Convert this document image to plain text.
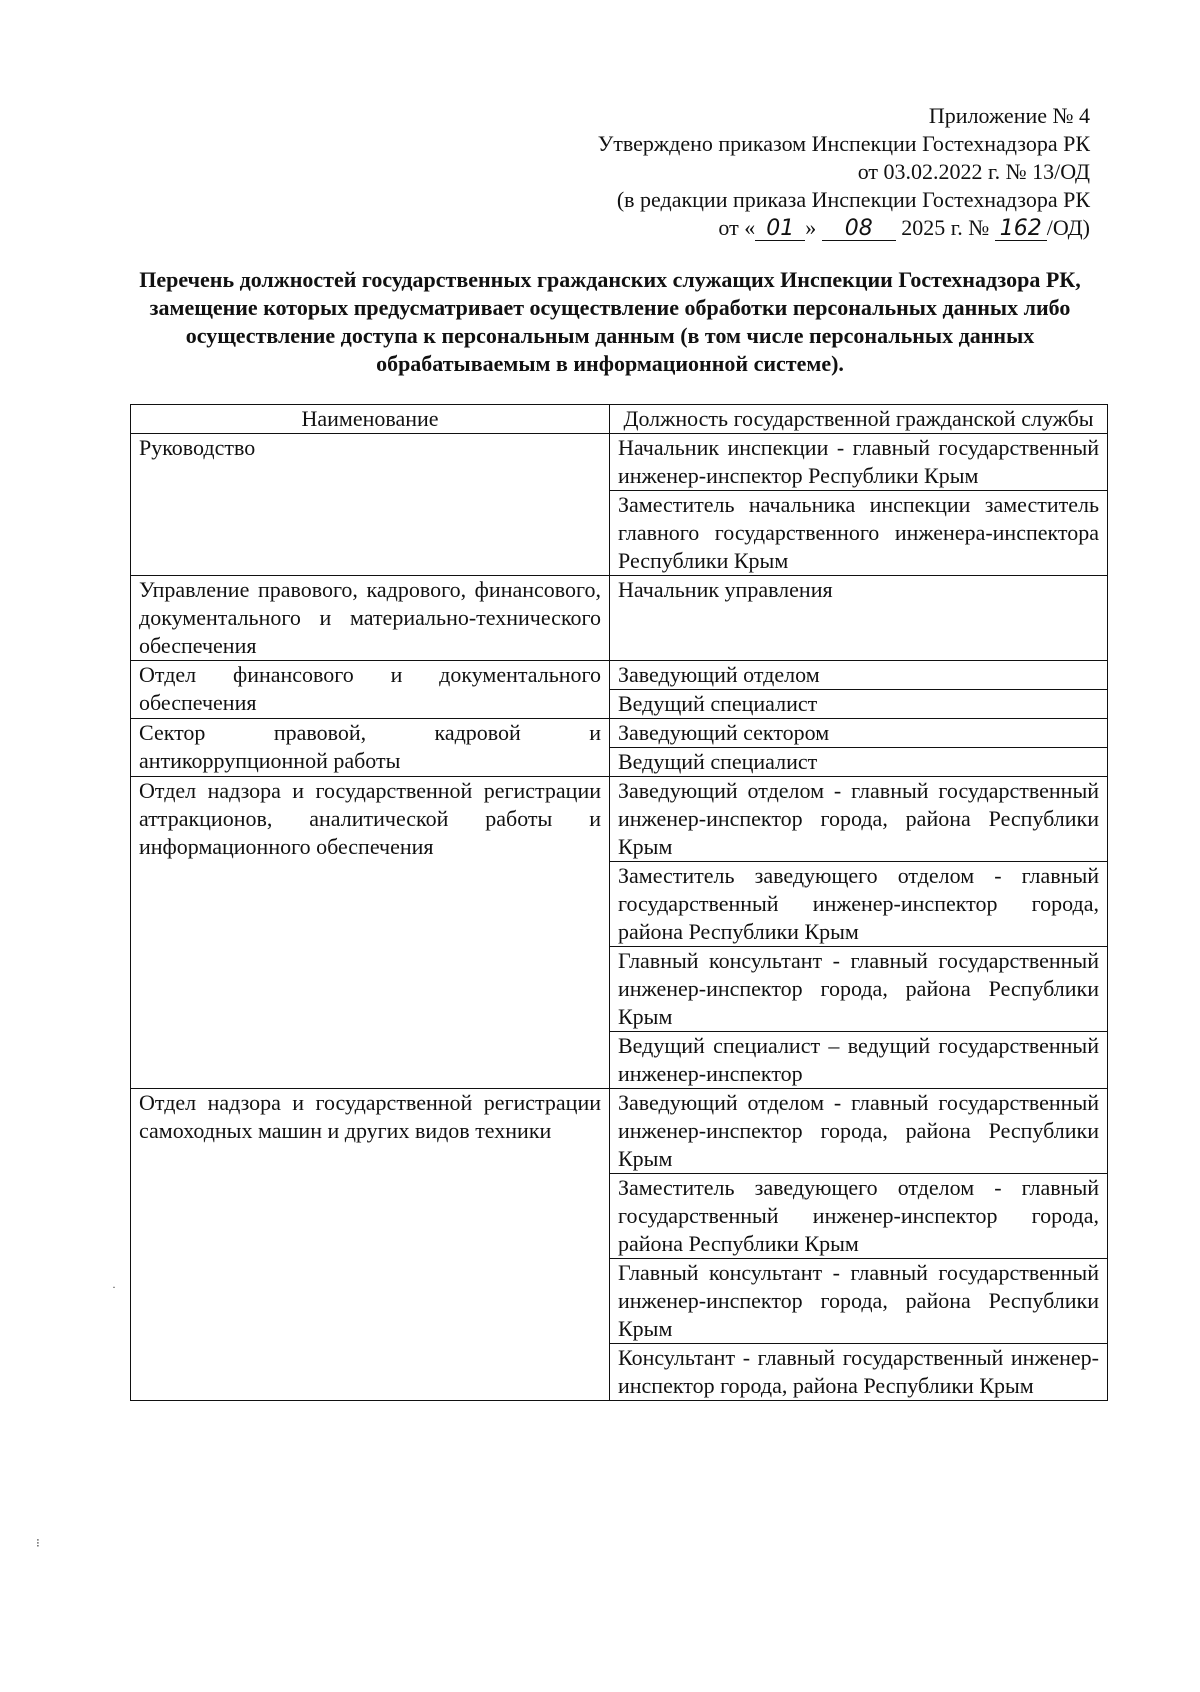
Приложение № 4
Утверждено приказом Инспекции Гостехнадзора РК
от 03.02.2022 г. № 13/ОД
(в редакции приказа Инспекции Гостехнадзора РК
от « 01 » 08 2025 г. № 162 /ОД)
Перечень должностей государственных гражданских служащих Инспекции Гостехнадзора РК, замещение которых предусматривает осуществление обработки персональных данных либо осуществление доступа к персональным данным (в том числе персональных данных обрабатываемым в информационной системе).
Наименование	Должность государственной гражданской службы
Руководство	Начальник инспекции - главный государственный инженер-инспектор Республики Крым
Заместитель начальника инспекции заместитель главного государственного инженера-инспектора Республики Крым

Управление правового, кадрового, финансового, документального и материально-технического обеспечения	Начальник управления

Отдел финансового и документального обеспечения	Заведующий отделом
Ведущий специалист

Сектор правовой, кадровой и антикоррупционной работы	Заведующий сектором
Ведущий специалист

Отдел надзора и государственной регистрации аттракционов, аналитической работы и информационного обеспечения	Заведующий отделом - главный государственный инженер-инспектор города, района Республики Крым
Заместитель заведующего отделом - главный государственный инженер-инспектор города, района Республики Крым
Главный консультант - главный государственный инженер-инспектор города, района Республики Крым
Ведущий специалист – ведущий государственный инженер-инспектор

Отдел надзора и государственной регистрации самоходных машин и других видов техники	Заведующий отделом - главный государственный инженер-инспектор города, района Республики Крым
Заместитель заведующего отделом - главный государственный инженер-инспектор города, района Республики Крым
Главный консультант - главный государственный инженер-инспектор города, района Республики Крым
Консультант - главный государственный инженер-инспектор города, района Республики Крым
·
⁝
